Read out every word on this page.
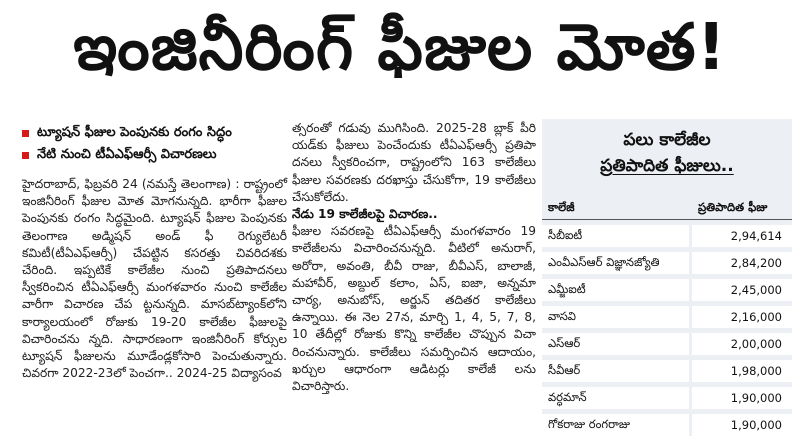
ఇంజినీరింగ్ ఫీజుల మోత!
ట్యూషన్ ఫీజుల పెంపునకు రంగం సిద్ధం
నేటి నుంచి టీఏఎఫ్ఆర్సీ విచారణలు

హైదరాబాద్, ఫిబ్రవరి 24 (నమస్తే తెలంగాణ) : రాష్ట్రంలో ఇంజినీరింగ్ ఫీజుల మోత మోగనున్నది. భారీగా ఫీజుల పెంపునకు రంగం సిద్ధమైంది. ట్యూషన్ ఫీజుల పెంపునకు తెలంగాణ అడ్మిషన్ అండ్ ఫీ రెగ్యులేటరీ కమిటీ(టీఏఎఫ్ఆర్సీ) చేపట్టిన కసరత్తు చివరిదశకు చేరింది. ఇప్పటికే కాలేజీల నుంచి ప్రతిపాదనలు స్వీకరించిన టీఏఎఫ్ఆర్సీ మంగళవారం నుంచి కాలేజీల వారీగా విచారణ చేప ట్టనున్నది. మాసబ్‌ట్యాంక్‌లోని కార్యాలయంలో రోజుకు 19-20 కాలేజీల ఫీజులపై విచారించను న్నది. సాధారణంగా ఇంజినీరింగ్ కోర్సుల ట్యూషన్ ఫీజులను మూడేండ్లకోసారి పెంచుతున్నారు. చివరగా 2022-23లో పెంచగా.. 2024-25 విద్యాసంవ

త్సరంతో గడువు ముగిసింది. 2025-28 బ్లాక్ పీరి యడ్‌కు ఫీజులు పెంచేందుకు టీఏఎఫ్ఆర్సీ ప్రతిపా దనలు స్వీకరించగా, రాష్ట్రంలోని 163 కాలేజీలు ఫీజుల సవరణకు దరఖాస్తు చేసుకోగా, 19 కాలేజీలు చేసుకోలేదు.

నేడు 19 కాలేజీలపై విచారణ..

ఫీజుల సవరణపై టీఏఎఫ్ఆర్సీ మంగళవారం 19 కాలేజీలను విచారించనున్నది. వీటిలో అనురాగ్, అరోరా, అవంతి, బీవీ రాజు, బీవీఎస్, బాలాజీ, మహావీర్, అబ్దుల్ కలాం, ఏస్, ఐజా, అన్నమా చార్య, అనుబోస్, అర్జున్ తదితర కాలేజీలు ఉన్నాయి. ఈ నెల 27న, మార్చి 1, 4, 5, 7, 8, 10 తేదీల్లో రోజుకు కొన్ని కాలేజీల చొప్పున విచా రించనున్నారు. కాలేజీలు సమర్పించిన ఆదాయం, ఖర్చుల ఆధారంగా ఆడిటర్లు కాలేజీ లను విచారిస్తారు.

పలు కాలేజీల
ప్రతిపాదిత ఫీజులు..
కాలేజీ	ప్రతిపాదిత ఫీజు
సీబీఐటీ	2,94,614
ఎంవీఎస్ఆర్ విజ్ఞానజ్యోతి	2,84,200
ఎమ్జీఐటీ	2,45,000
వాసవి	2,16,000
ఎస్ఆర్	2,00,000
సీవీఆర్	1,98,000
వర్ధమాన్	1,90,000
గోకరాజు రంగరాజు	1,90,000
